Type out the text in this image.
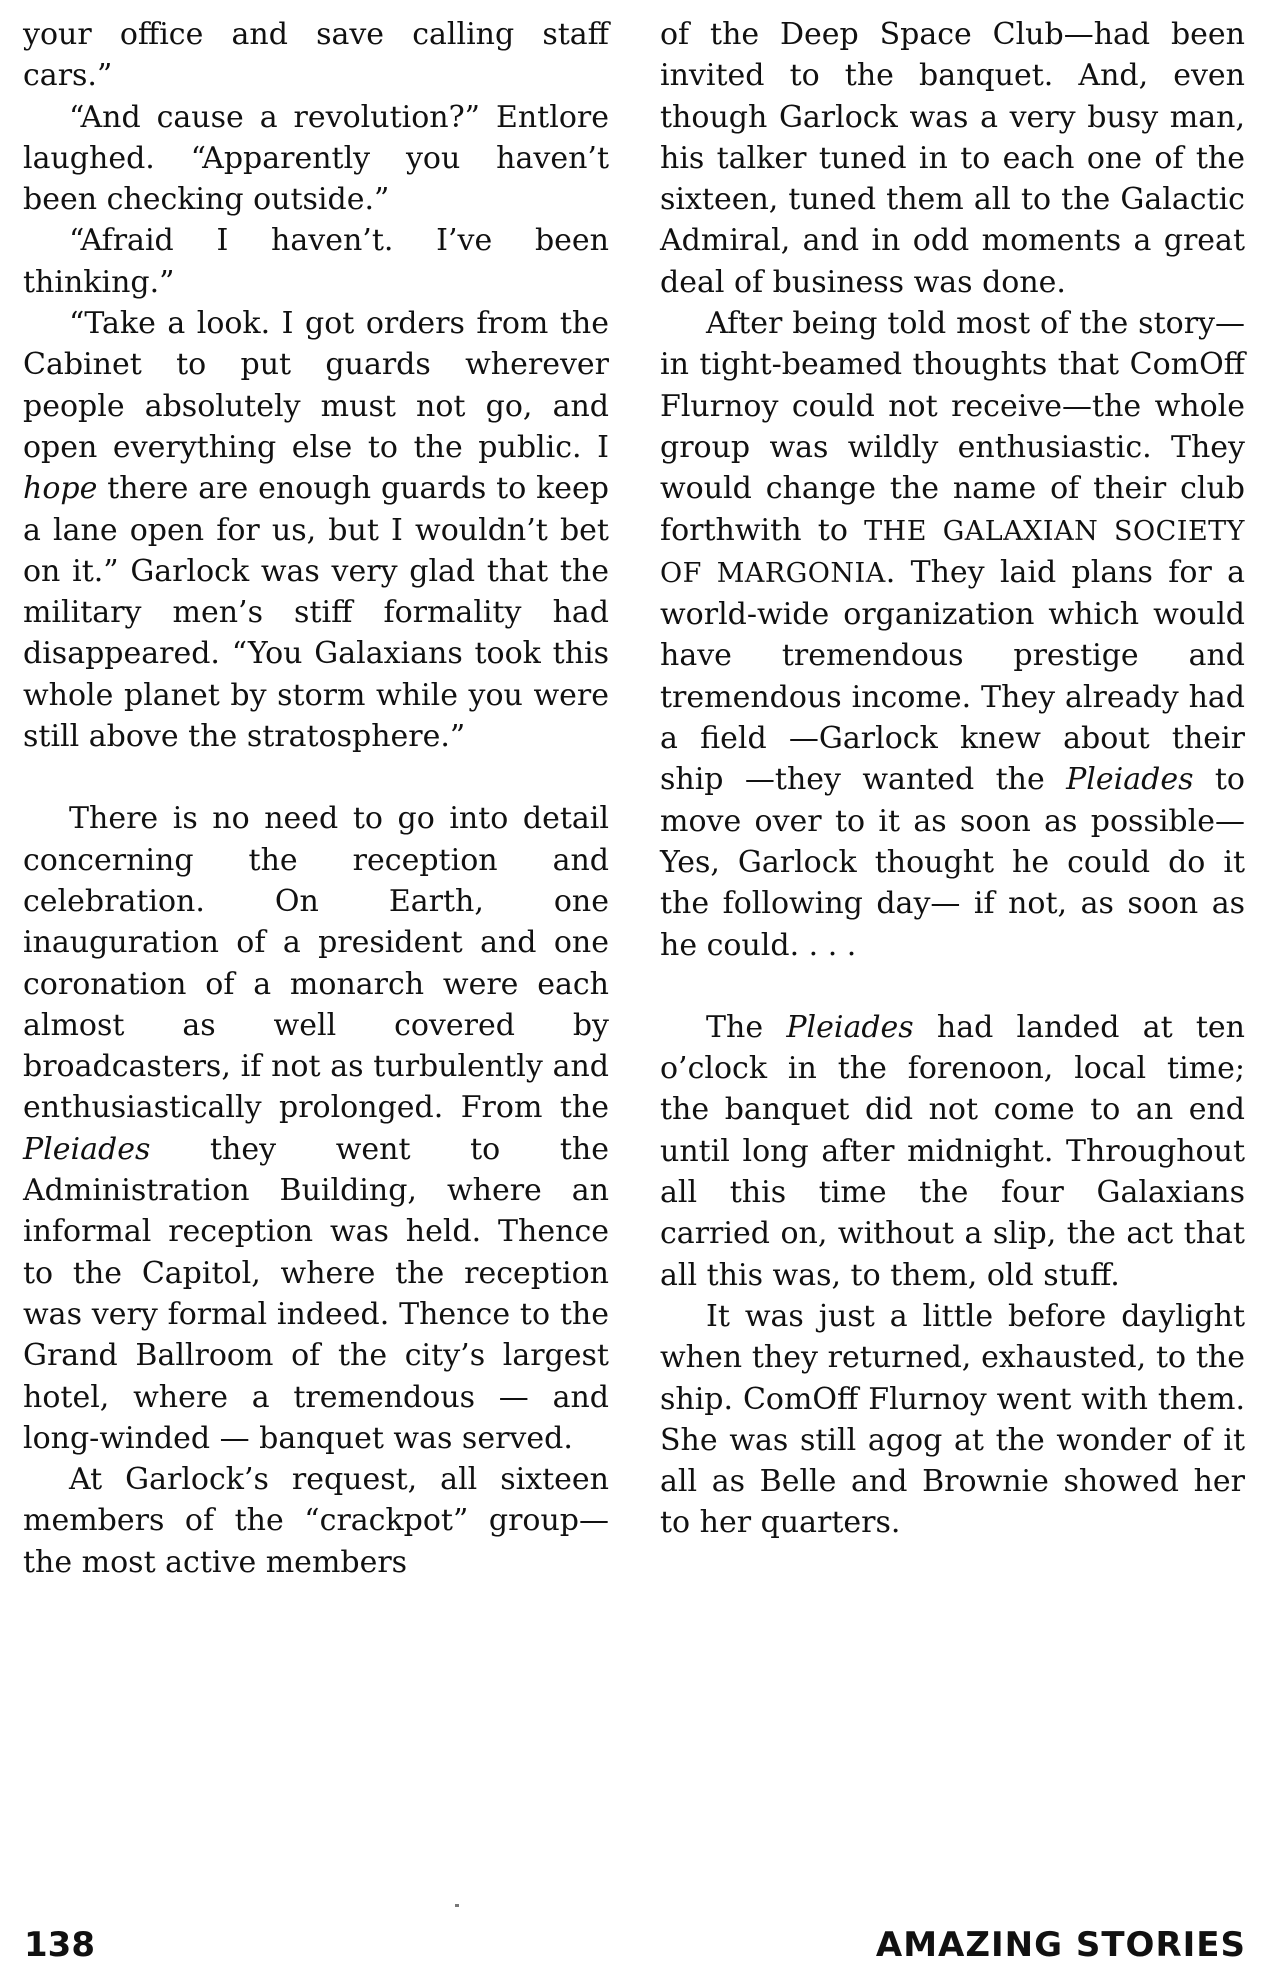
your office and save calling staff cars.”

“And cause a revolution?” Entlore laughed. “Apparently you haven’t been checking outside.”

“Afraid I haven’t. I’ve been thinking.”

“Take a look. I got orders from the Cabinet to put guards wherever people absolutely must not go, and open everything else to the public. I hope there are enough guards to keep a lane open for us, but I wouldn’t bet on it.” Garlock was very glad that the military men’s stiff formality had disappeared. “You Galaxians took this whole planet by storm while you were still above the stratosphere.”

There is no need to go into detail concerning the reception and celebration. On Earth, one inauguration of a president and one coronation of a monarch were each almost as well covered by broadcasters, if not as turbulently and enthusiastically prolonged. From the Pleiades they went to the Administration Building, where an informal reception was held. Thence to the Capitol, where the reception was very formal indeed. Thence to the Grand Ballroom of the city’s largest hotel, where a tremendous — and long-winded — banquet was served.

At Garlock’s request, all sixteen members of the “crackpot” group—the most active members

of the Deep Space Club—had been invited to the banquet. And, even though Garlock was a very busy man, his talker tuned in to each one of the sixteen, tuned them all to the Galactic Admiral, and in odd moments a great deal of business was done.

After being told most of the story—in tight-beamed thoughts that ComOff Flurnoy could not receive—the whole group was wildly enthusiastic. They would change the name of their club forthwith to THE GALAXIAN SOCIETY OF MARGONIA. They laid plans for a world-wide organization which would have tremendous prestige and tremendous income. They already had a field —Garlock knew about their ship —they wanted the Pleiades to move over to it as soon as possible— Yes, Garlock thought he could do it the following day— if not, as soon as he could. . . .

The Pleiades had landed at ten o’clock in the forenoon, local time; the banquet did not come to an end until long after midnight. Throughout all this time the four Galaxians carried on, without a slip, the act that all this was, to them, old stuff.

It was just a little before daylight when they returned, exhausted, to the ship. ComOff Flurnoy went with them. She was still agog at the wonder of it all as Belle and Brownie showed her to her quarters.

138	AMAZING STORIES
